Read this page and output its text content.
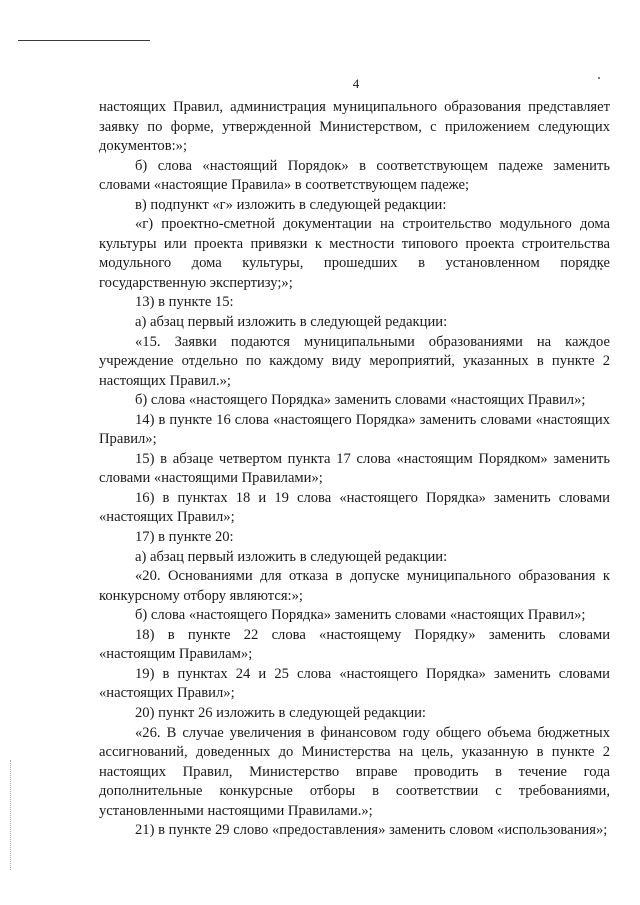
4

настоящих Правил, администрация муниципального образования представляет заявку по форме, утвержденной Министерством, с приложением следующих документов:»;

б) слова «настоящий Порядок» в соответствующем падеже заменить словами «настоящие Правила» в соответствующем падеже;

в) подпункт «г» изложить в следующей редакции:

«г) проектно-сметной документации на строительство модульного дома культуры или проекта привязки к местности типового проекта строительства модульного дома культуры, прошедших в установленном порядке государственную экспертизу;»;

13) в пункте 15:

а) абзац первый изложить в следующей редакции:

«15. Заявки подаются муниципальными образованиями на каждое учреждение отдельно по каждому виду мероприятий, указанных в пункте 2 настоящих Правил.»;

б) слова «настоящего Порядка» заменить словами «настоящих Правил»;

14) в пункте 16 слова «настоящего Порядка» заменить словами «настоящих Правил»;

15) в абзаце четвертом пункта 17 слова «настоящим Порядком» заменить словами «настоящими Правилами»;

16) в пунктах 18 и 19 слова «настоящего Порядка» заменить словами «настоящих Правил»;

17) в пункте 20:

а) абзац первый изложить в следующей редакции:

«20. Основаниями для отказа в допуске муниципального образования к конкурсному отбору являются:»;

б) слова «настоящего Порядка» заменить словами «настоящих Правил»;

18) в пункте 22 слова «настоящему Порядку» заменить словами «настоящим Правилам»;

19) в пунктах 24 и 25 слова «настоящего Порядка» заменить словами «настоящих Правил»;

20) пункт 26 изложить в следующей редакции:

«26. В случае увеличения в финансовом году общего объема бюджетных ассигнований, доведенных до Министерства на цель, указанную в пункте 2 настоящих Правил, Министерство вправе проводить в течение года дополнительные конкурсные отборы в соответствии с требованиями, установленными настоящими Правилами.»;

21) в пункте 29 слово «предоставления» заменить словом «использования»;
